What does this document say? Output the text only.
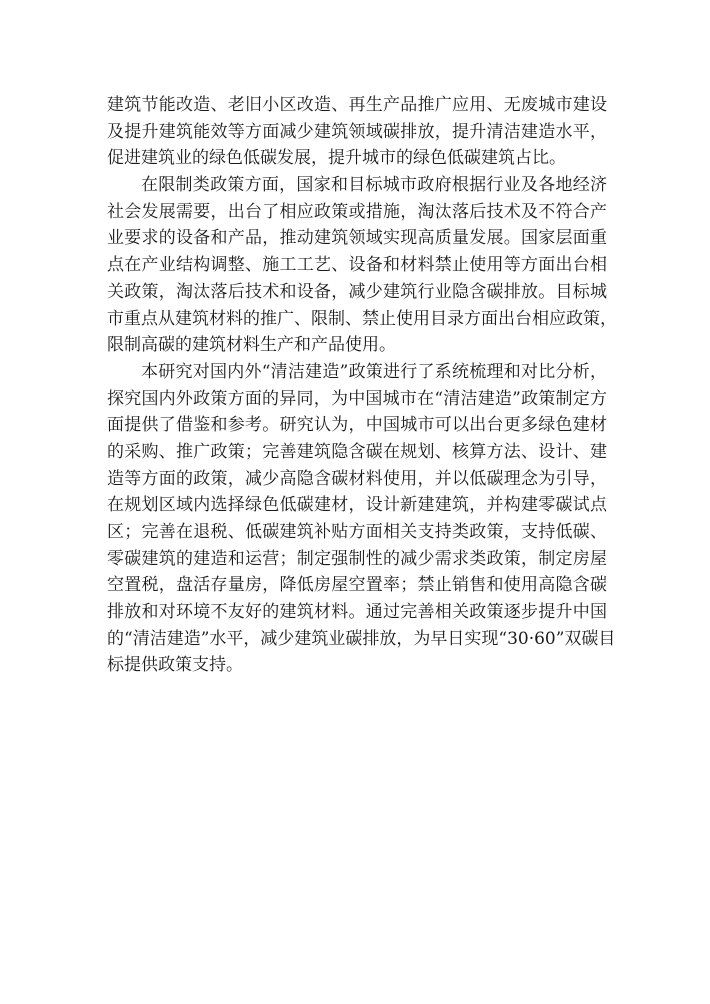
建筑节能改造、老旧小区改造、再生产品推广应用、无废城市建设
及提升建筑能效等方面减少建筑领域碳排放，提升清洁建造水平，
促进建筑业的绿色低碳发展，提升城市的绿色低碳建筑占比。
在限制类政策方面，国家和目标城市政府根据行业及各地经济
社会发展需要，出台了相应政策或措施，淘汰落后技术及不符合产
业要求的设备和产品，推动建筑领域实现高质量发展。国家层面重
点在产业结构调整、施工工艺、设备和材料禁止使用等方面出台相
关政策，淘汰落后技术和设备，减少建筑行业隐含碳排放。目标城
市重点从建筑材料的推广、限制、禁止使用目录方面出台相应政策，
限制高碳的建筑材料生产和产品使用。
本研究对国内外“清洁建造”政策进行了系统梳理和对比分析，
探究国内外政策方面的异同，为中国城市在“清洁建造”政策制定方
面提供了借鉴和参考。研究认为，中国城市可以出台更多绿色建材
的采购、推广政策；完善建筑隐含碳在规划、核算方法、设计、建
造等方面的政策，减少高隐含碳材料使用，并以低碳理念为引导，
在规划区域内选择绿色低碳建材，设计新建建筑，并构建零碳试点
区；完善在退税、低碳建筑补贴方面相关支持类政策，支持低碳、
零碳建筑的建造和运营；制定强制性的减少需求类政策，制定房屋
空置税，盘活存量房，降低房屋空置率；禁止销售和使用高隐含碳
排放和对环境不友好的建筑材料。通过完善相关政策逐步提升中国
的“清洁建造”水平，减少建筑业碳排放，为早日实现“30·60”双碳目
标提供政策支持。
